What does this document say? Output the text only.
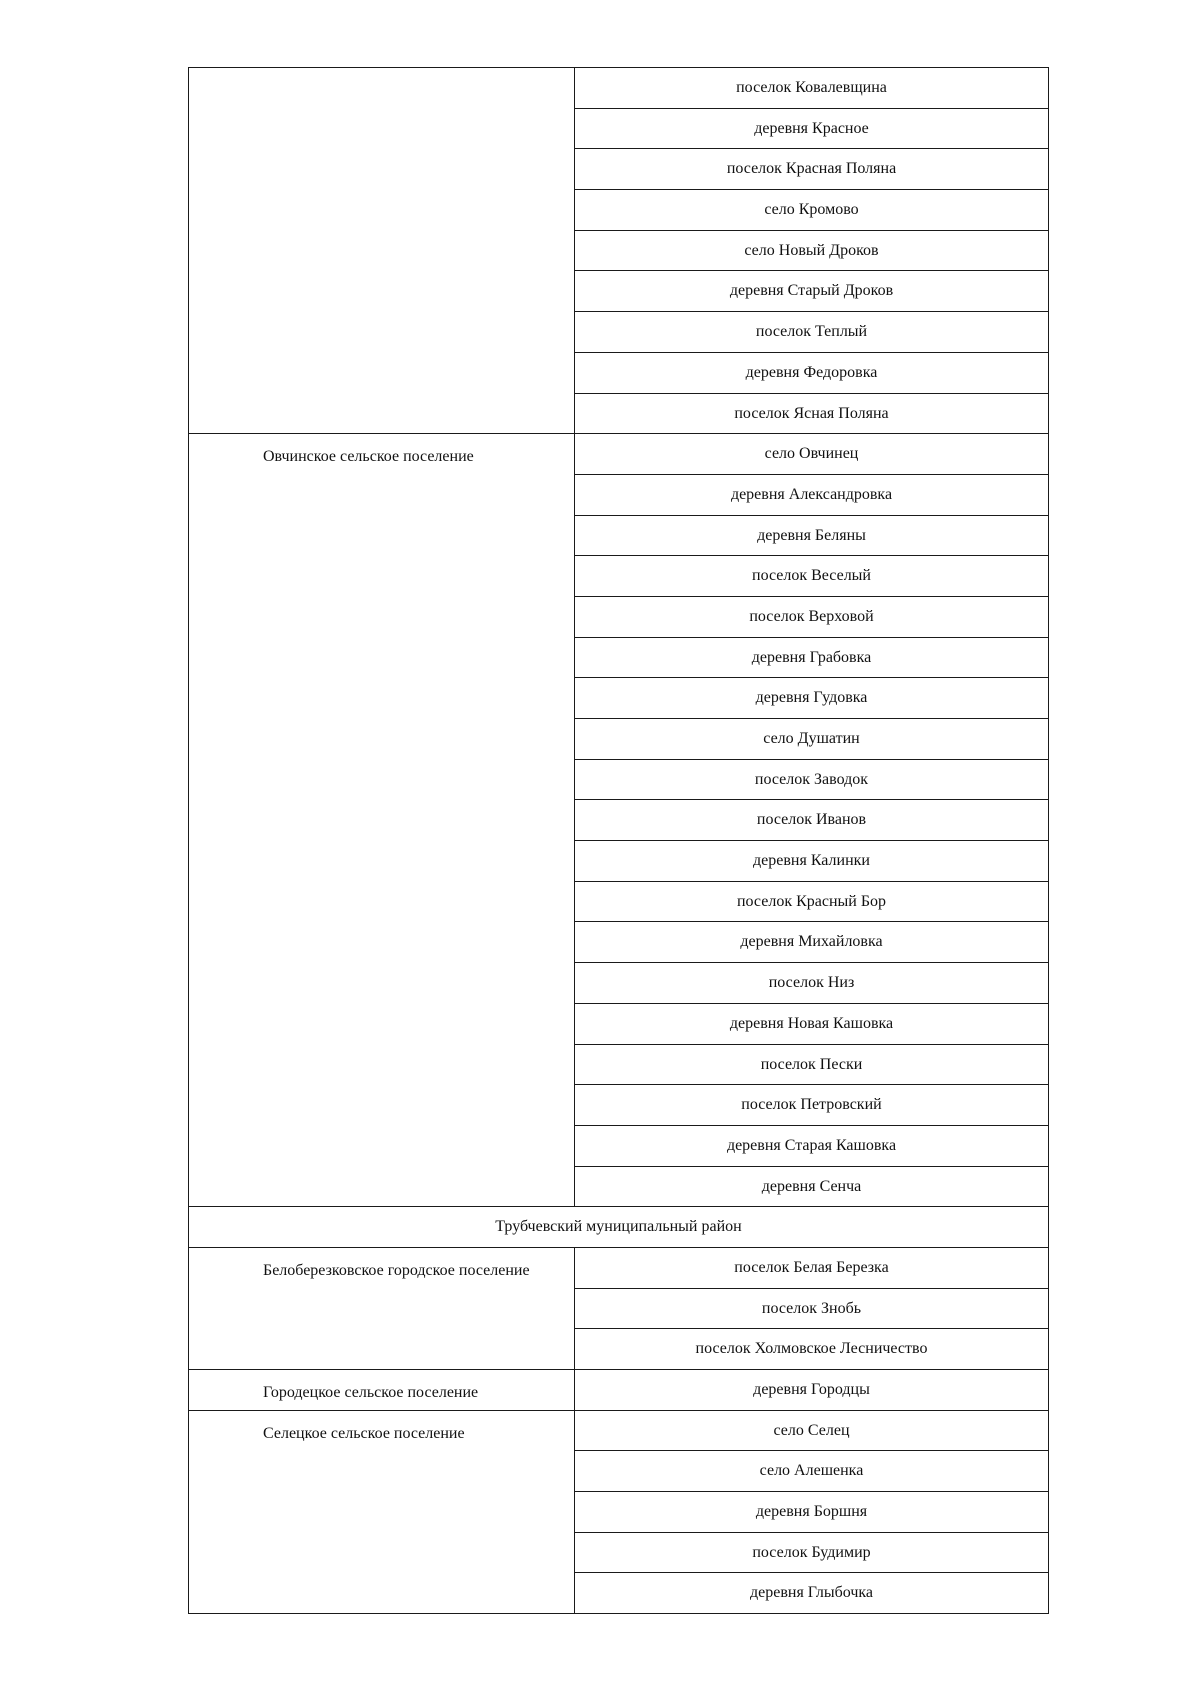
	поселок Ковалевщина
	деревня Красное
	поселок Красная Поляна
	село Кромово
	село Новый Дроков
	деревня Старый Дроков
	поселок Теплый
	деревня Федоровка
	поселок Ясная Поляна
Овчинское сельское поселение	село Овчинец
	деревня Александровка
	деревня Беляны
	поселок Веселый
	поселок Верховой
	деревня Грабовка
	деревня Гудовка
	село Душатин
	поселок Заводок
	поселок Иванов
	деревня Калинки
	поселок Красный Бор
	деревня Михайловка
	поселок Низ
	деревня Новая Кашовка
	поселок Пески
	поселок Петровский
	деревня Старая Кашовка
	деревня Сенча
Трубчевский муниципальный район	
Белоберезковское городское поселение	поселок Белая Березка
	поселок Знобь
	поселок Холмовское Лесничество
Городецкое сельское поселение	деревня Городцы
Селецкое сельское поселение	село Селец
	село Алешенка
	деревня Боршня
	поселок Будимир
	деревня Глыбочка
